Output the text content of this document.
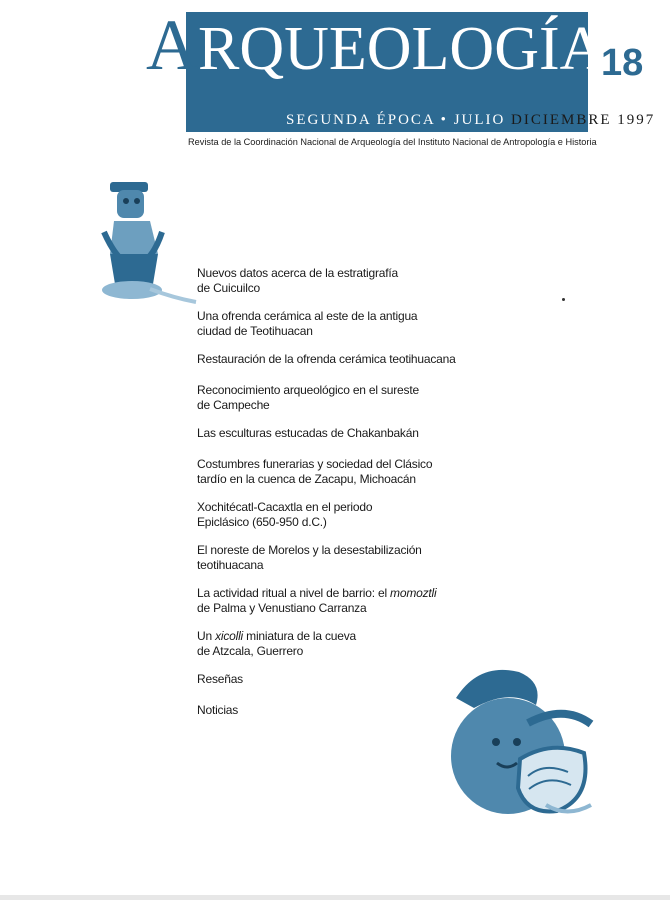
ARQUEOLOGÍA
18
SEGUNDA ÉPOCA • JULIO DICIEMBRE 1997
Revista de la Coordinación Nacional de Arqueología del Instituto Nacional de Antropología e Historia
Nuevos datos acerca de la estratigrafía
de Cuicuilco
Una ofrenda cerámica al este de la antigua
ciudad de Teotihuacan
Restauración de la ofrenda cerámica teotihuacana
Reconocimiento arqueológico en el sureste
de Campeche
Las esculturas estucadas de Chakanbakán
Costumbres funerarias y sociedad del Clásico
tardío en la cuenca de Zacapu, Michoacán
Xochitécatl-Cacaxtla en el periodo
Epiclásico (650-950 d.C.)
El noreste de Morelos y la desestabilización
teotihuacana
La actividad ritual a nivel de barrio: el momoztli
de Palma y Venustiano Carranza
Un xicolli miniatura de la cueva
de Atzcala, Guerrero
Reseñas
Noticias
